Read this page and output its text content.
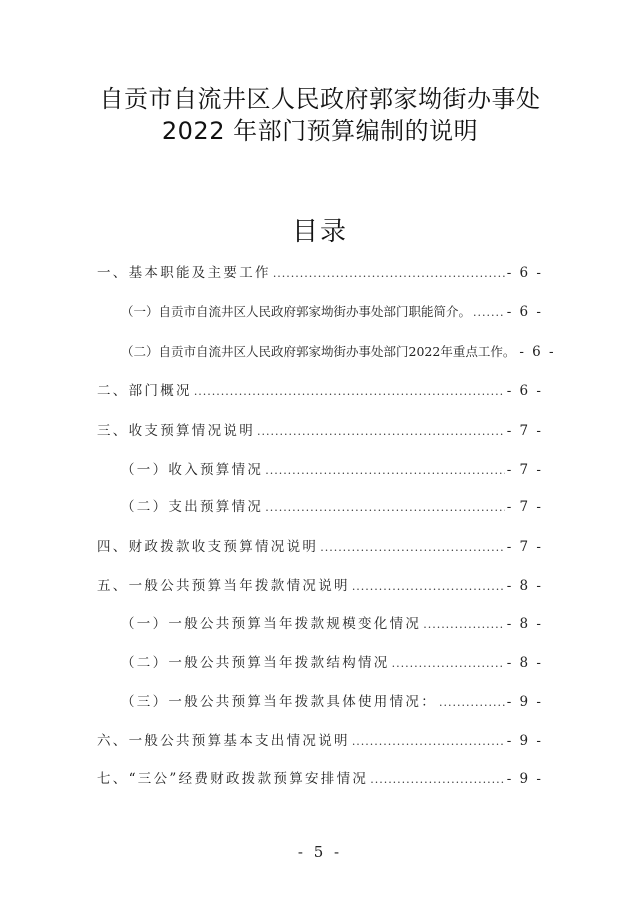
自贡市自流井区人民政府郭家坳街办事处
2022 年部门预算编制的说明
目录
一、基本职能及主要工作 .....	- 6 -
（一）自贡市自流井区人民政府郭家坳街办事处部门职能简介。 .....	- 6 -
（二）自贡市自流井区人民政府郭家坳街办事处部门2022年重点工作。 - 6 -
二、部门概况 .....	- 6 -
三、收支预算情况说明 .....	- 7 -
（一）收入预算情况 .....	- 7 -
（二）支出预算情况 .....	- 7 -
四、财政拨款收支预算情况说明 .....	- 7 -
五、一般公共预算当年拨款情况说明 .....	- 8 -
（一）一般公共预算当年拨款规模变化情况 .....	- 8 -
（二）一般公共预算当年拨款结构情况 .....	- 8 -
（三）一般公共预算当年拨款具体使用情况： .....	- 9 -
六、一般公共预算基本支出情况说明 .....	- 9 -
七、“三公”经费财政拨款预算安排情况 .....	- 9 -
- 5 -
